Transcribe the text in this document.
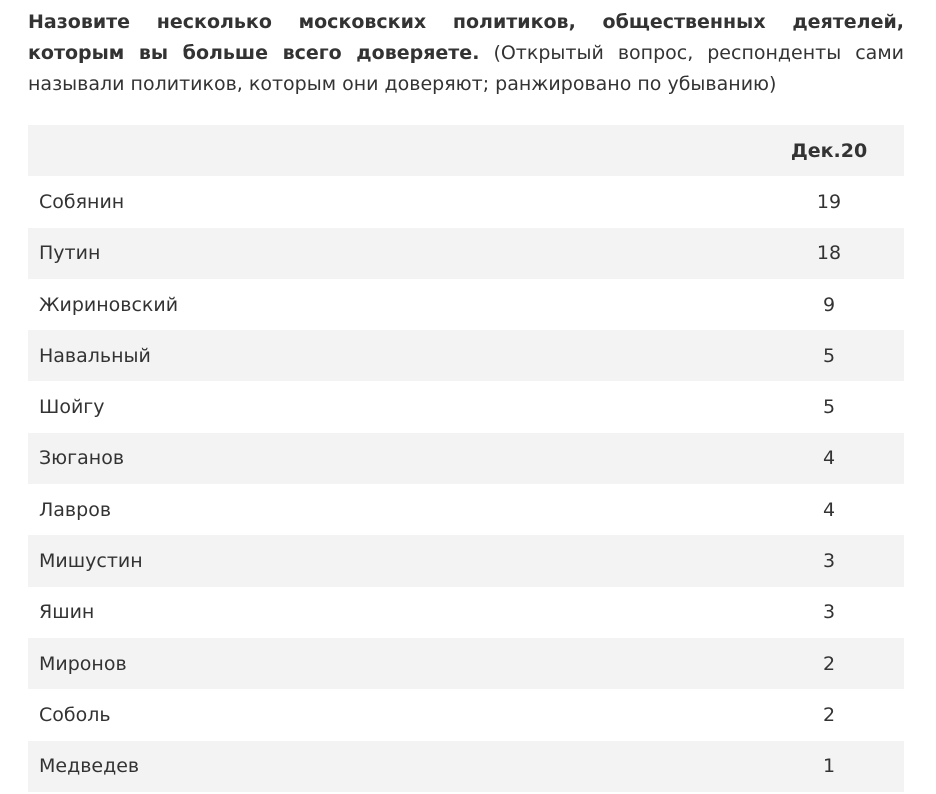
Назовите несколько московских политиков, общественных деятелей, которым вы больше всего доверяете. (Открытый вопрос, респонденты сами называли политиков, которым они доверяют; ранжировано по убыванию)

	Дек.20
Собянин	19
Путин	18
Жириновский	9
Навальный	5
Шойгу	5
Зюганов	4
Лавров	4
Мишустин	3
Яшин	3
Миронов	2
Соболь	2
Медведев	1
